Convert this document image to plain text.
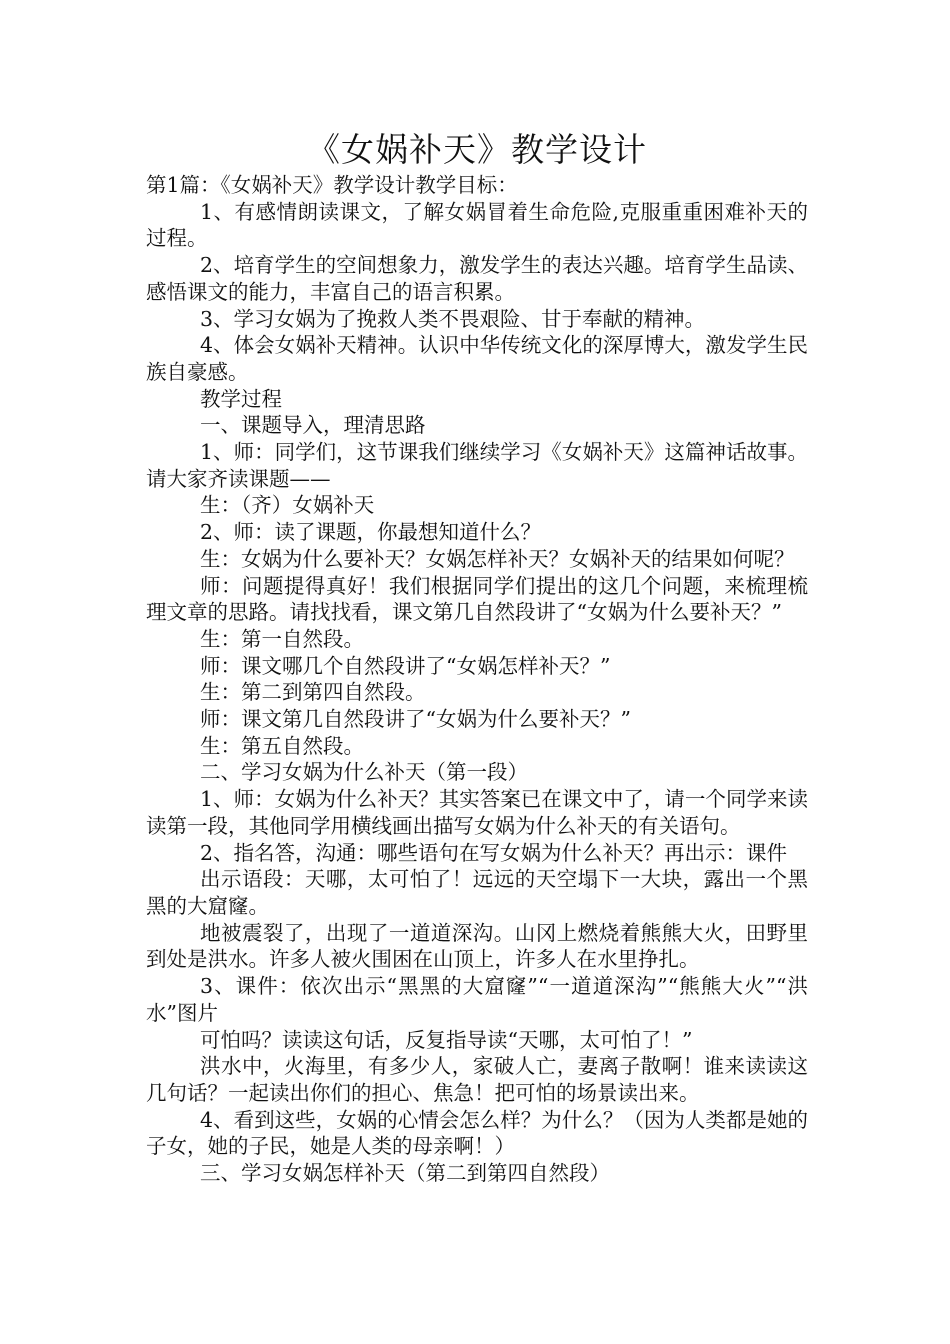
《女娲补天》教学设计

第1篇：《女娲补天》教学设计教学目标：

1、有感情朗读课文，了解女娲冒着生命危险,克服重重困难补天的过程。

2、培育学生的空间想象力，激发学生的表达兴趣。培育学生品读、感悟课文的能力，丰富自己的语言积累。

3、学习女娲为了挽救人类不畏艰险、甘于奉献的精神。

4、体会女娲补天精神。认识中华传统文化的深厚博大，激发学生民族自豪感。

教学过程

一、课题导入，理清思路

1、师：同学们，这节课我们继续学习《女娲补天》这篇神话故事。请大家齐读课题——

生：（齐）女娲补天

2、师：读了课题，你最想知道什么？

生：女娲为什么要补天？女娲怎样补天？女娲补天的结果如何呢？

师：问题提得真好！我们根据同学们提出的这几个问题，来梳理梳理文章的思路。请找找看，课文第几自然段讲了“女娲为什么要补天？”

生：第一自然段。

师：课文哪几个自然段讲了“女娲怎样补天？”

生：第二到第四自然段。

师：课文第几自然段讲了“女娲为什么要补天？”

生：第五自然段。

二、学习女娲为什么补天（第一段）

1、师：女娲为什么补天？其实答案已在课文中了，请一个同学来读读第一段，其他同学用横线画出描写女娲为什么补天的有关语句。

2、指名答，沟通：哪些语句在写女娲为什么补天？再出示：课件

出示语段：天哪，太可怕了！远远的天空塌下一大块，露出一个黑黑的大窟窿。

地被震裂了，出现了一道道深沟。山冈上燃烧着熊熊大火，田野里到处是洪水。许多人被火围困在山顶上，许多人在水里挣扎。

3、课件：依次出示“黑黑的大窟窿”“一道道深沟”“熊熊大火”“洪水”图片

可怕吗？读读这句话，反复指导读“天哪，太可怕了！”

洪水中，火海里，有多少人，家破人亡，妻离子散啊！谁来读读这几句话？一起读出你们的担心、焦急！把可怕的场景读出来。

4、看到这些，女娲的心情会怎么样？为什么？（因为人类都是她的子女，她的子民，她是人类的母亲啊！）

三、学习女娲怎样补天（第二到第四自然段）
